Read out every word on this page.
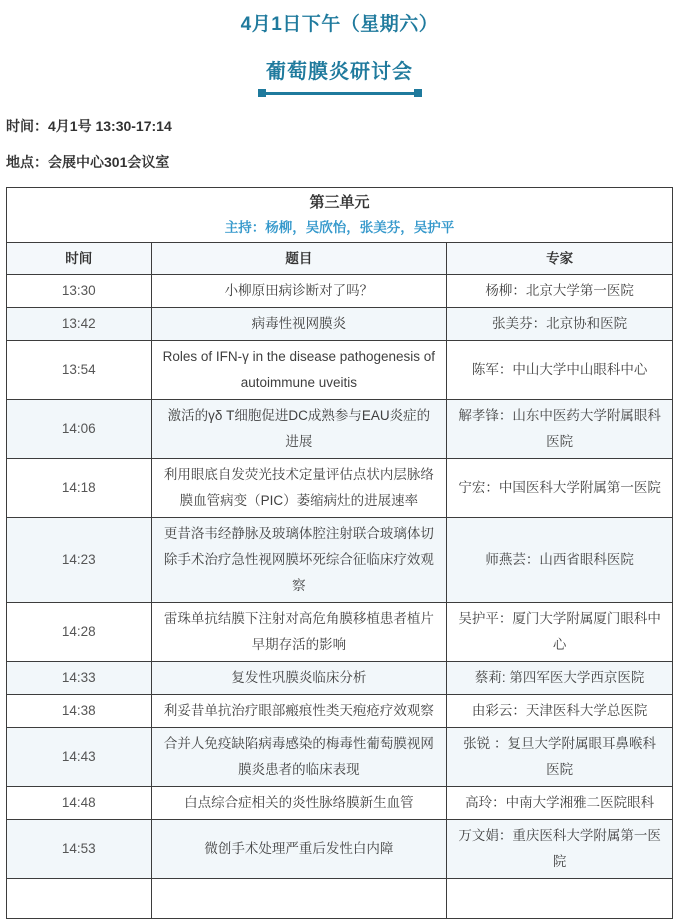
4月1日下午（星期六）
葡萄膜炎研讨会
时间：4月1号 13:30-17:14
地点：会展中心301会议室
第三单元
主持：杨柳，吴欣怡，张美芬，吴护平		

时间	题目	专家
13:30	小柳原田病诊断对了吗？	杨柳：北京大学第一医院
13:42	病毒性视网膜炎	张美芬：北京协和医院
13:54	Roles of IFN-γ in the disease pathogenesis of autoimmune uveitis	陈军：中山大学中山眼科中心
14:06	激活的γδ T细胞促进DC成熟参与EAU炎症的进展	解孝锋：山东中医药大学附属眼科医院
14:18	利用眼底自发荧光技术定量评估点状内层脉络膜血管病变（PIC）萎缩病灶的进展速率	宁宏：中国医科大学附属第一医院
14:23	更昔洛韦经静脉及玻璃体腔注射联合玻璃体切除手术治疗急性视网膜坏死综合征临床疗效观察	师燕芸：山西省眼科医院
14:28	雷珠单抗结膜下注射对高危角膜移植患者植片早期存活的影响	吴护平：厦门大学附属厦门眼科中心
14:33	复发性巩膜炎临床分析	蔡莉: 第四军医大学西京医院
14:38	利妥昔单抗治疗眼部瘢痕性类天疱疮疗效观察	由彩云：天津医科大学总医院
14:43	合并人免疫缺陷病毒感染的梅毒性葡萄膜视网膜炎患者的临床表现	张锐 ：复旦大学附属眼耳鼻喉科医院
14:48	白点综合症相关的炎性脉络膜新生血管	高玲：中南大学湘雅二医院眼科
14:53	微创手术处理严重后发性白内障	万文娟：重庆医科大学附属第一医院
